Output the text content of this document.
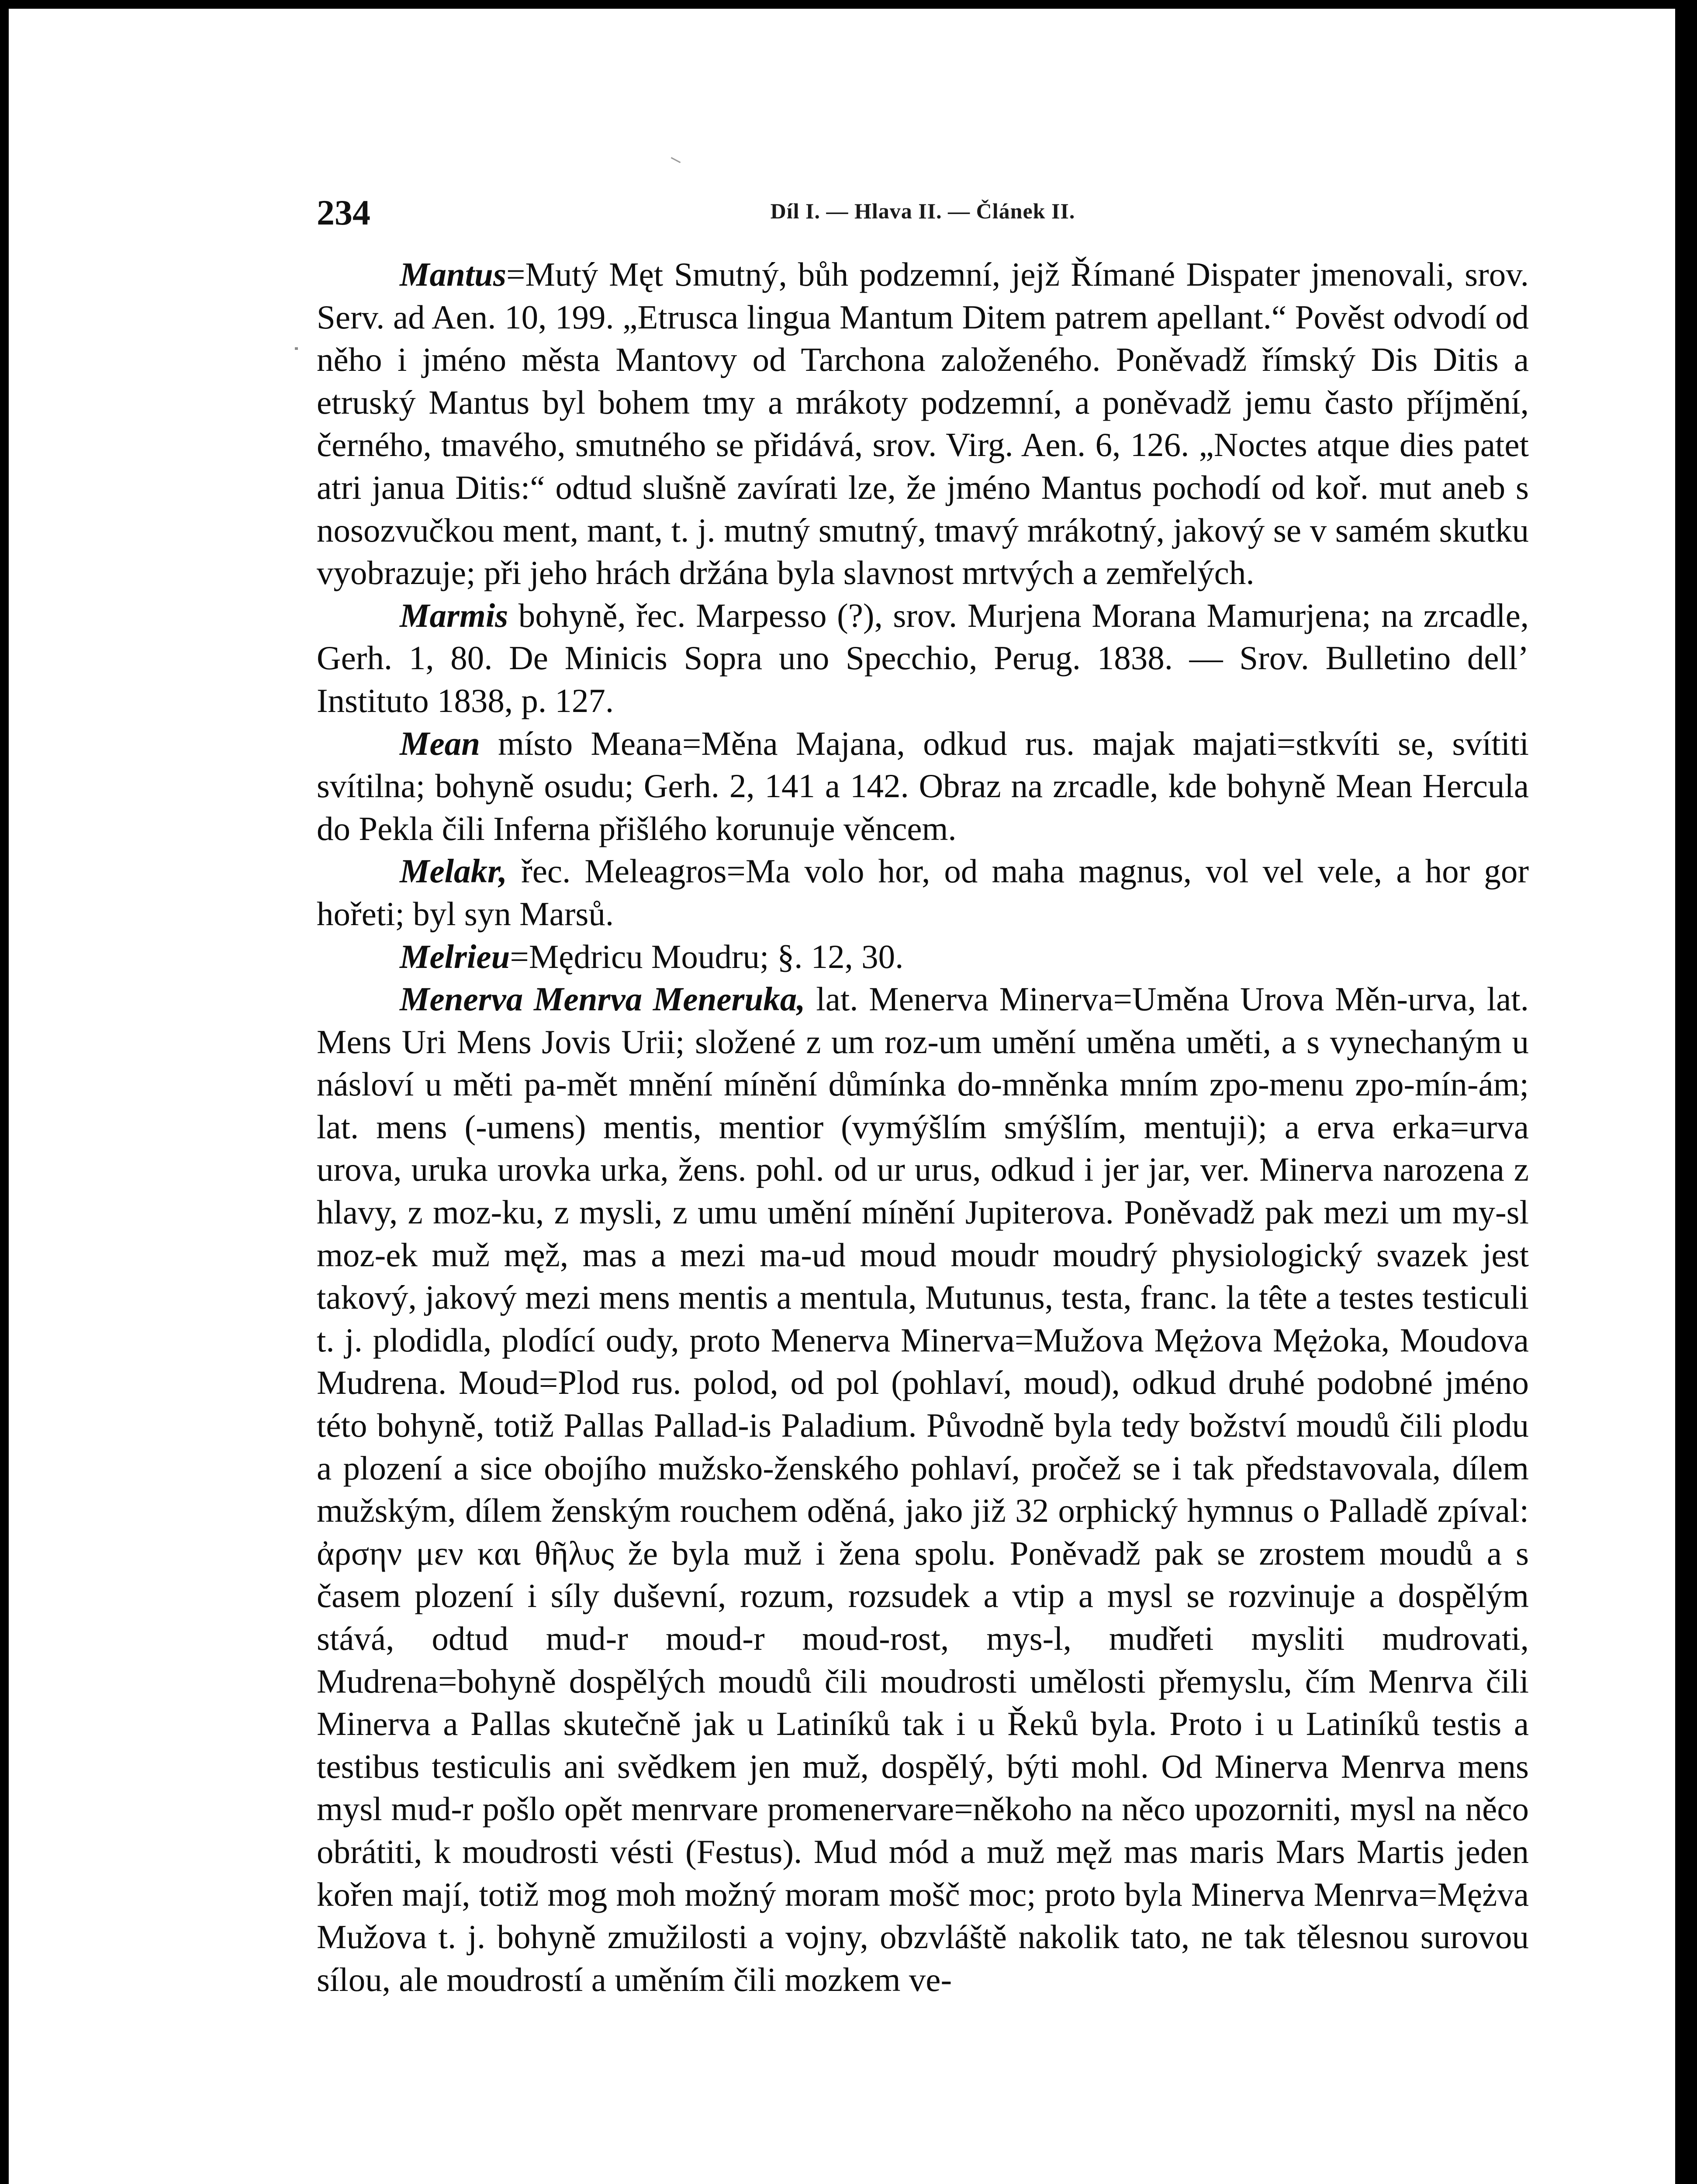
234	Díl I. — Hlava II. — Článek II.

Mantus=Mutý Męt Smutný, bůh podzemní, jejž Římané Dispater jmenovali, srov. Serv. ad Aen. 10, 199. „Etrusca lingua Mantum Ditem patrem apellant.“ Pověst odvodí od něho i jméno města Mantovy od Tarchona založeného. Poněvadž římský Dis Ditis a etruský Mantus byl bohem tmy a mrákoty podzemní, a poněvadž jemu často příjmění, černého, tmavého, smutného se přidává, srov. Virg. Aen. 6, 126. „Noctes atque dies patet atri janua Ditis:“ odtud slušně zavírati lze, že jméno Mantus pochodí od koř. mut aneb s nosozvučkou ment, mant, t. j. mutný smutný, tmavý mrákotný, jakový se v samém skutku vyobrazuje; při jeho hrách držána byla slavnost mrtvých a zemřelých.

Marmis bohyně, řec. Marpesso (?), srov. Murjena Morana Mamurjena; na zrcadle, Gerh. 1, 80. De Minicis Sopra uno Specchio, Perug. 1838. — Srov. Bulletino dell’ Instituto 1838, p. 127.

Mean místo Meana=Měna Majana, odkud rus. majak majati=stkvíti se, svítiti svítilna; bohyně osudu; Gerh. 2, 141 a 142. Obraz na zrcadle, kde bohyně Mean Hercula do Pekla čili Inferna přišlého korunuje věncem.

Melakr, řec. Meleagros=Ma volo hor, od maha magnus, vol vel vele, a hor gor hořeti; byl syn Marsů.

Melrieu=Mędricu Moudru; §. 12, 30.

Menerva Menrva Meneruka, lat. Menerva Minerva=Uměna Urova Měn-urva, lat. Mens Uri Mens Jovis Urii; složené z um roz-um umění uměna uměti, a s vynechaným u násloví u měti pa-mět mnění mínění důmínka do-mněnka mním zpo-menu zpo-mín-ám; lat. mens (-umens) mentis, mentior (vymýšlím smýšlím, mentuji); a erva erka=urva urova, uruka urovka urka, žens. pohl. od ur urus, odkud i jer jar, ver. Minerva narozena z hlavy, z moz-ku, z mysli, z umu umění mínění Jupiterova. Poněvadž pak mezi um my-sl moz-ek muž męž, mas a mezi ma-ud moud moudr moudrý physiologický svazek jest takový, jakový mezi mens mentis a mentula, Mutunus, testa, franc. la tête a testes testiculi t. j. plodidla, plodící oudy, proto Menerva Minerva=Mužova Mężova Mężoka, Moudova Mudrena. Moud=Plod rus. polod, od pol (pohlaví, moud), odkud druhé podobné jméno této bohyně, totiž Pallas Pallad-is Paladium. Původně byla tedy božství moudů čili plodu a plození a sice obojího mužsko-ženského pohlaví, pročež se i tak představovala, dílem mužským, dílem ženským rouchem oděná, jako již 32 orphický hymnus o Palladě zpíval: ἀρσην μεν και θῆλυς že byla muž i žena spolu. Poněvadž pak se zrostem moudů a s časem plození i síly duševní, rozum, rozsudek a vtip a mysl se rozvinuje a dospělým stává, odtud mud-r moud-r moud-rost, mys-l, mudřeti mysliti mudrovati, Mudrena=bohyně dospělých moudů čili moudrosti umělosti přemyslu, čím Menrva čili Minerva a Pallas skutečně jak u Latiníků tak i u Řeků byla. Proto i u Latiníků testis a testibus testiculis ani svědkem jen muž, dospělý, býti mohl. Od Minerva Menrva mens mysl mud-r pošlo opět menrvare promenervare=někoho na něco upozorniti, mysl na něco obrátiti, k moudrosti vésti (Festus). Mud mód a muž męž mas maris Mars Martis jeden kořen mají, totiž mog moh možný moram mošč moc; proto byla Minerva Menrva=Mężva Mužova t. j. bohyně zmužilosti a vojny, obzvláště nakolik tato, ne tak tělesnou surovou sílou, ale moudrostí a uměním čili mozkem ve-
